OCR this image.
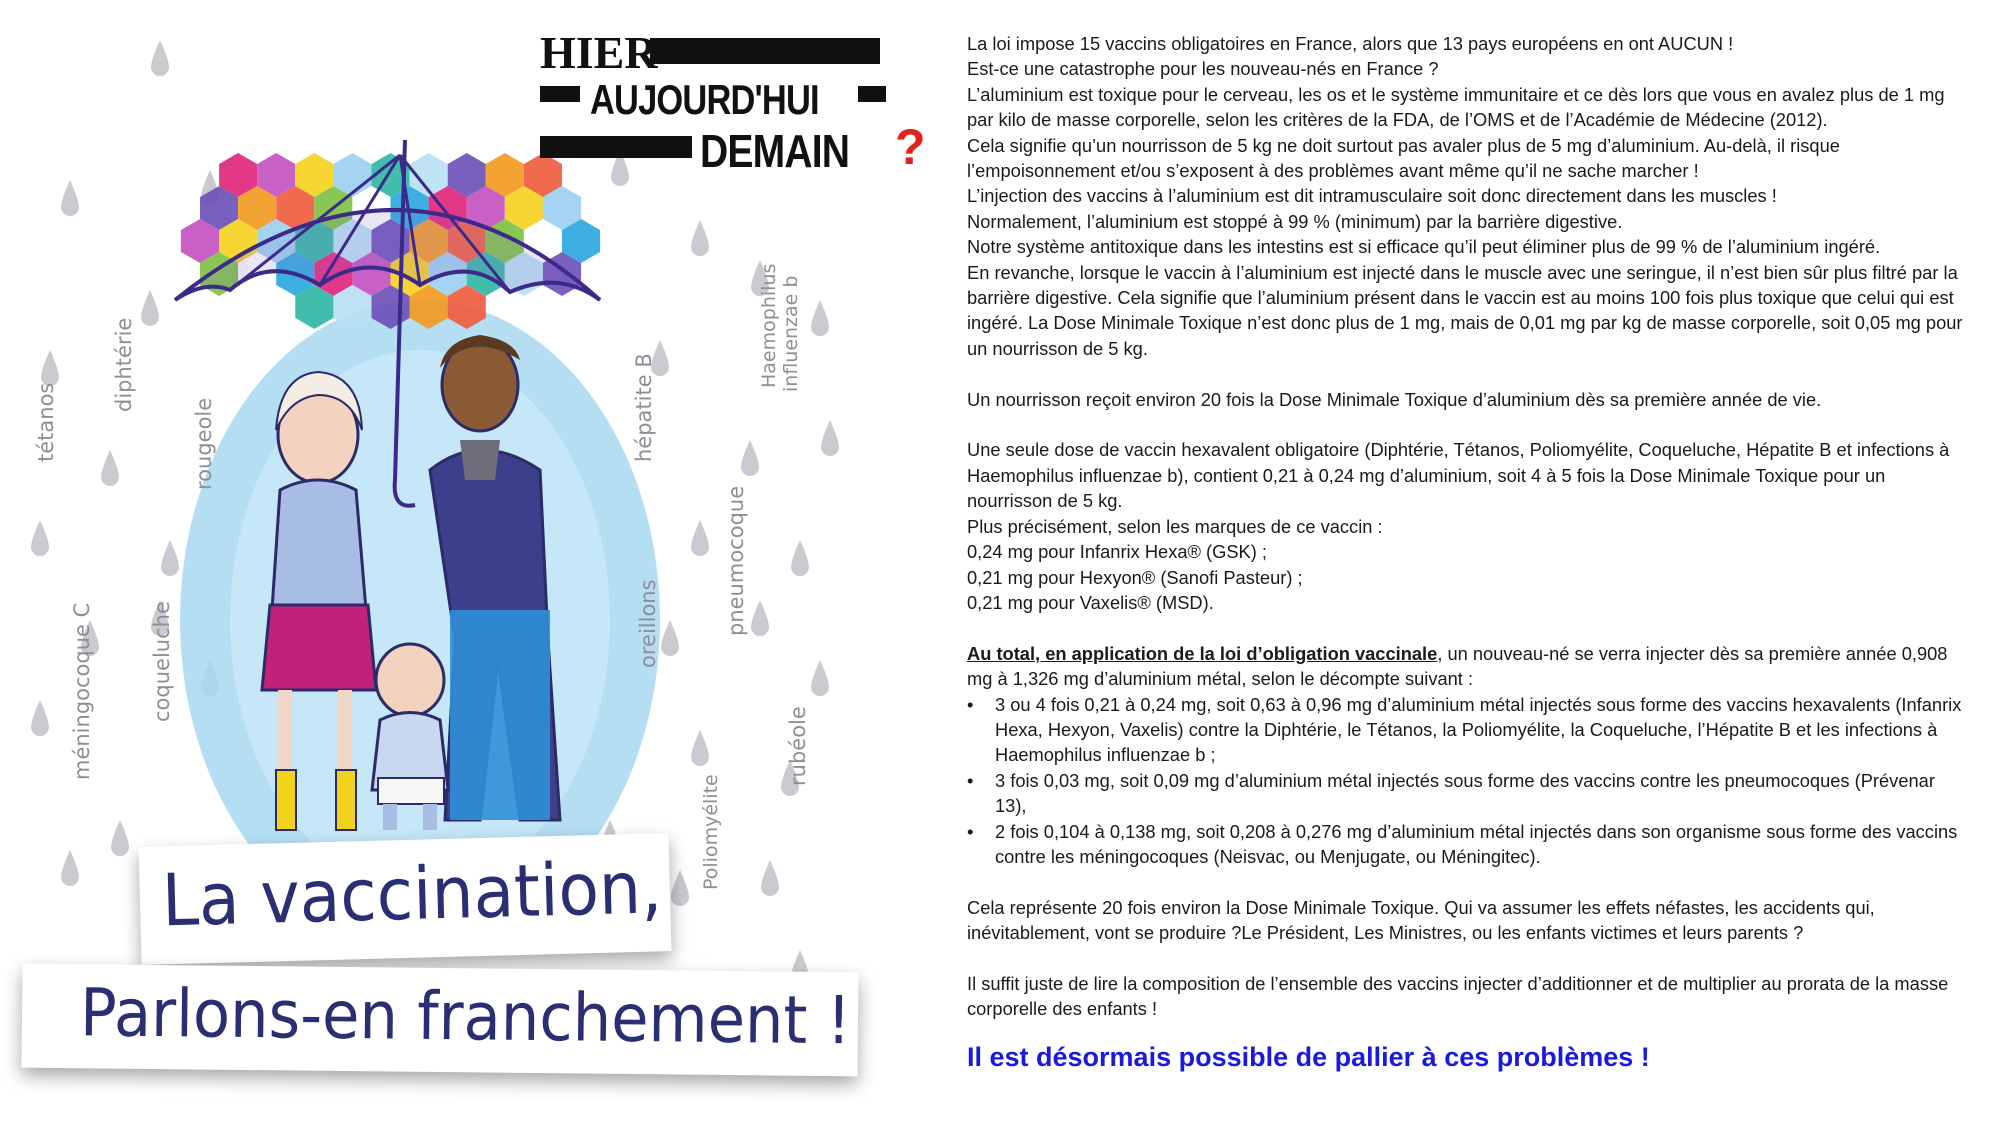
HIER
AUJOURD'HUI
DEMAIN ?
tétanos
diphtérie
rougeole
méningocoque C	coqueluche
hépatite B
oreillons
Haemophilus influenzae b
pneumocoque
rubéole
Poliomyélite
La vaccination,
Parlons-en franchement !

La loi impose 15 vaccins obligatoires en France, alors que 13 pays européens en ont AUCUN !

Est-ce une catastrophe pour les nouveau-nés en France ?

L’aluminium est toxique pour le cerveau, les os et le système immunitaire et ce dès lors que vous en avalez plus de 1 mg par kilo de masse corporelle, selon les critères de la FDA, de l’OMS et de l’Académie de Médecine (2012).

Cela signifie qu’un nourrisson de 5 kg ne doit surtout pas avaler plus de 5 mg d’aluminium. Au-delà, il risque l’empoisonnement et/ou s’exposent à des problèmes avant même qu’il ne sache marcher !

L’injection des vaccins à l’aluminium est dit intramusculaire soit donc directement dans les muscles !

Normalement, l’aluminium est stoppé à 99 % (minimum) par la barrière digestive.

Notre système antitoxique dans les intestins est si efficace qu’il peut éliminer plus de 99 % de l’aluminium ingéré.

En revanche, lorsque le vaccin à l’aluminium est injecté dans le muscle avec une seringue, il n’est bien sûr plus filtré par la barrière digestive. Cela signifie que l’aluminium présent dans le vaccin est au moins 100 fois plus toxique que celui qui est ingéré. La Dose Minimale Toxique n’est donc plus de 1 mg, mais de 0,01 mg par kg de masse corporelle, soit 0,05 mg pour un nourrisson de 5 kg.

Un nourrisson reçoit environ 20 fois la Dose Minimale Toxique d’aluminium dès sa première année de vie.

Une seule dose de vaccin hexavalent obligatoire (Diphtérie, Tétanos, Poliomyélite, Coqueluche, Hépatite B et infections à Haemophilus influenzae b), contient 0,21 à 0,24 mg d’aluminium, soit 4 à 5 fois la Dose Minimale Toxique pour un nourrisson de 5 kg.

Plus précisément, selon les marques de ce vaccin :

0,24 mg pour Infanrix Hexa® (GSK) ;

0,21 mg pour Hexyon® (Sanofi Pasteur) ;

0,21 mg pour Vaxelis® (MSD).

Au total, en application de la loi d’obligation vaccinale, un nouveau-né se verra injecter dès sa première année 0,908 mg à 1,326 mg d’aluminium métal, selon le décompte suivant :

• 3 ou 4 fois 0,21 à 0,24 mg, soit 0,63 à 0,96 mg d’aluminium métal injectés sous forme des vaccins hexavalents (Infanrix Hexa, Hexyon, Vaxelis) contre la Diphtérie, le Tétanos, la Poliomyélite, la Coqueluche, l’Hépatite B et les infections à Haemophilus influenzae b ;
• 3 fois 0,03 mg, soit 0,09 mg d’aluminium métal injectés sous forme des vaccins contre les pneumocoques (Prévenar 13),
• 2 fois 0,104 à 0,138 mg, soit 0,208 à 0,276 mg d’aluminium métal injectés dans son organisme sous forme des vaccins contre les méningocoques (Neisvac, ou Menjugate, ou Méningitec).

Cela représente 20 fois environ la Dose Minimale Toxique. Qui va assumer les effets néfastes, les accidents qui, inévitablement, vont se produire ?Le Président, Les Ministres, ou les enfants victimes et leurs parents ?

Il suffit juste de lire la composition de l’ensemble des vaccins injecter d’additionner et de multiplier au prorata de la masse corporelle des enfants !

Il est désormais possible de pallier à ces problèmes !
